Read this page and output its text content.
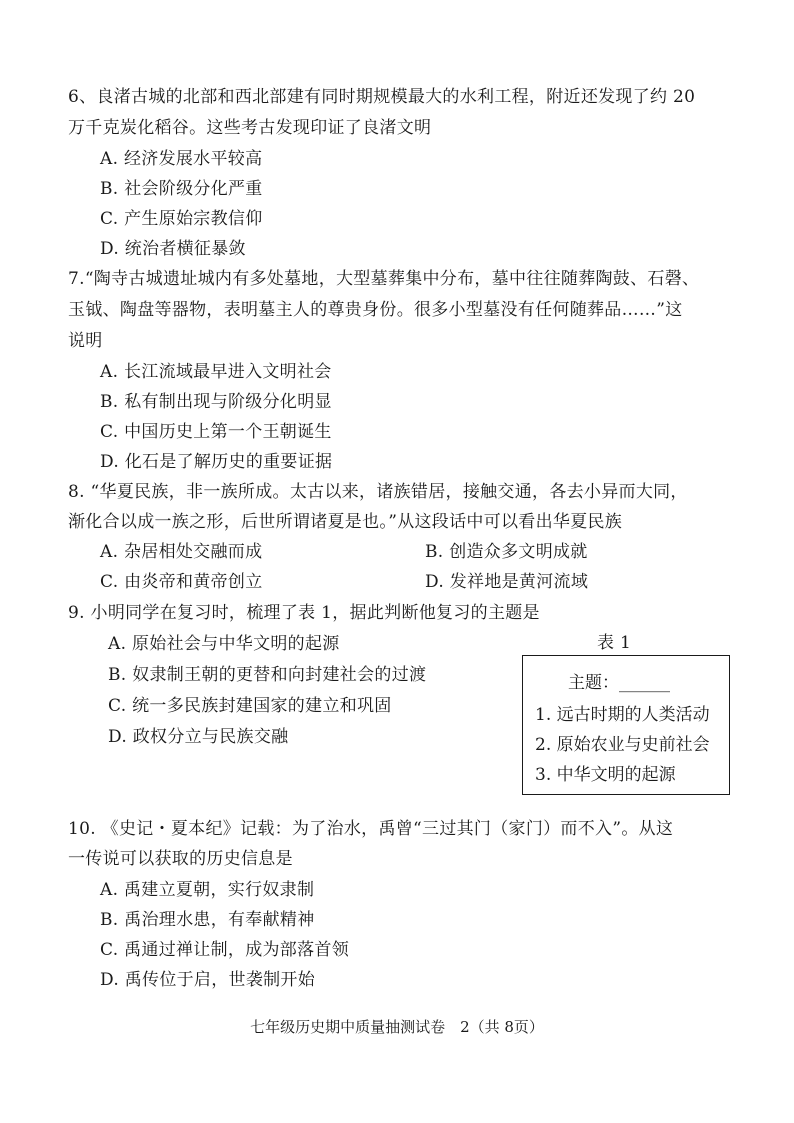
6、良渚古城的北部和西北部建有同时期规模最大的水利工程，附近还发现了约 20
万千克炭化稻谷。这些考古发现印证了良渚文明
A. 经济发展水平较高
B. 社会阶级分化严重
C. 产生原始宗教信仰
D. 统治者横征暴敛
7.“陶寺古城遗址城内有多处墓地，大型墓葬集中分布，墓中往往随葬陶鼓、石磬、
玉钺、陶盘等器物，表明墓主人的尊贵身份。很多小型墓没有任何随葬品……”这
说明
A. 长江流域最早进入文明社会
B. 私有制出现与阶级分化明显
C. 中国历史上第一个王朝诞生
D. 化石是了解历史的重要证据
8. “华夏民族，非一族所成。太古以来，诸族错居，接触交通，各去小异而大同，
渐化合以成一族之形，后世所谓诸夏是也。”从这段话中可以看出华夏民族
A. 杂居相处交融而成	B. 创造众多文明成就
C. 由炎帝和黄帝创立	D. 发祥地是黄河流域
9. 小明同学在复习时，梳理了表 1，据此判断他复习的主题是
A. 原始社会与中华文明的起源
B. 奴隶制王朝的更替和向封建社会的过渡
C. 统一多民族封建国家的建立和巩固
D. 政权分立与民族交融
表 1
主题：______
1. 远古时期的人类活动
2. 原始农业与史前社会
3. 中华文明的起源
10. 《史记・夏本纪》记载：为了治水，禹曾“三过其门（家门）而不入”。从这
一传说可以获取的历史信息是
A. 禹建立夏朝，实行奴隶制
B. 禹治理水患，有奉献精神
C. 禹通过禅让制，成为部落首领
D. 禹传位于启，世袭制开始
七年级历史期中质量抽测试卷　2（共 8页）
